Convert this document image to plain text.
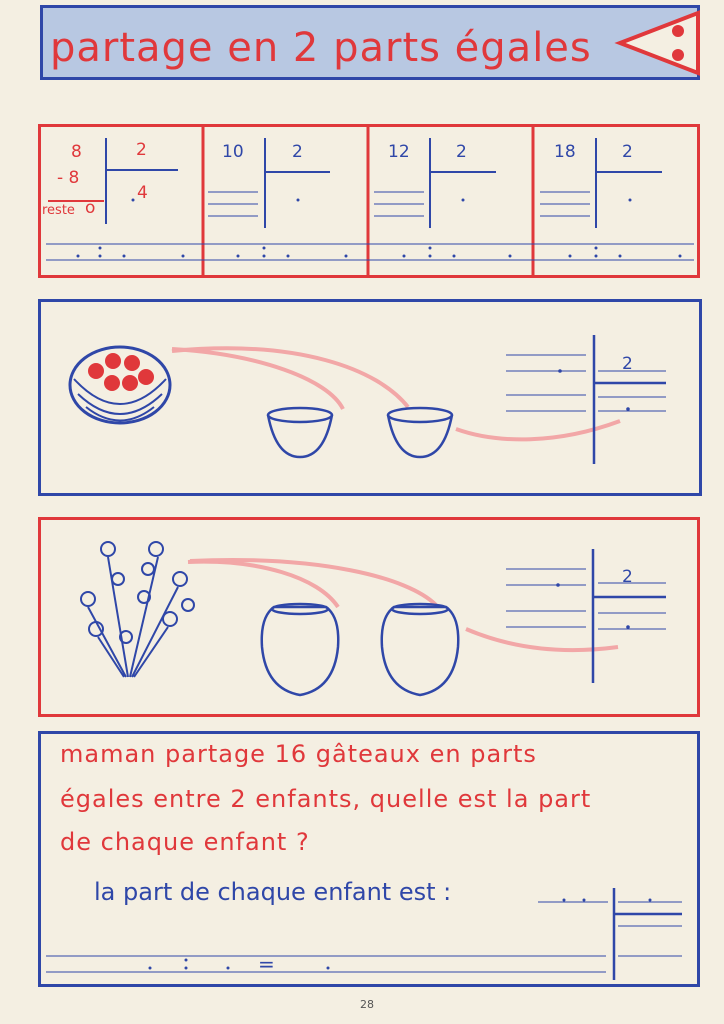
partage en 2 parts égales
8	2
- 8
4
reste o
10	2	12	2	18	2
2
2
maman partage 16 gâteaux en parts
égales entre 2 enfants, quelle est la part
de chaque enfant ?
la part de chaque enfant est :
=
28
